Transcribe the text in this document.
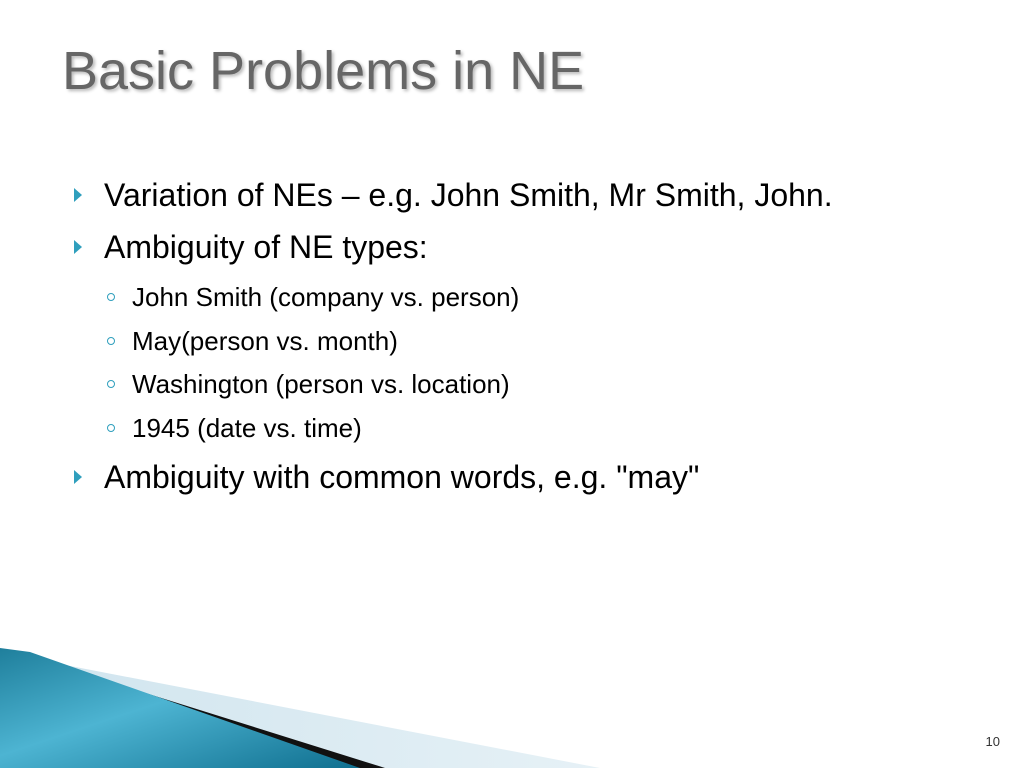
Basic Problems in NE
Variation of NEs – e.g. John Smith, Mr Smith, John.
Ambiguity of NE types:
John Smith (company vs. person)
May(person vs. month)
Washington (person vs. location)
1945 (date vs. time)
Ambiguity with common words, e.g. "may"
10
